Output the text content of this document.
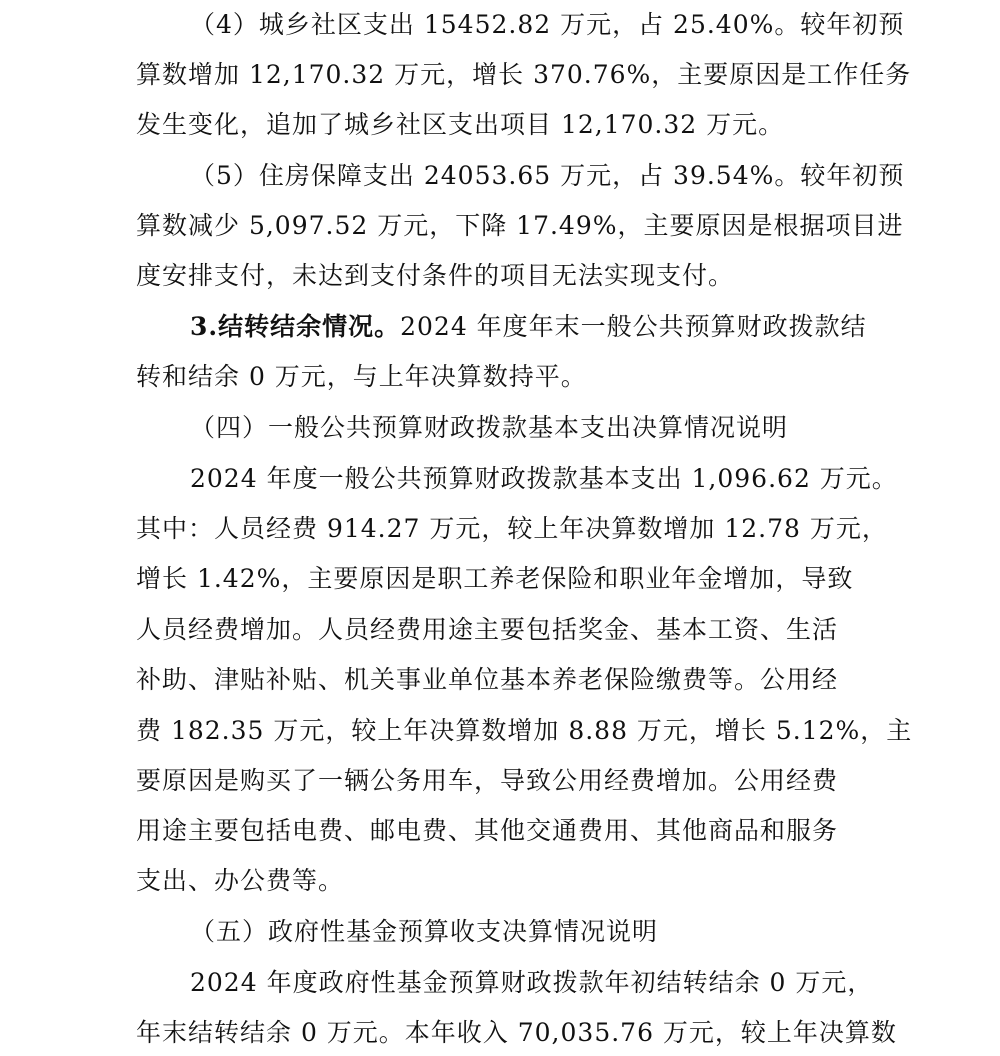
（4）城乡社区支出 15452.82 万元，占 25.40%。较年初预
算数增加 12,170.32 万元，增长 370.76%，主要原因是工作任务
发生变化，追加了城乡社区支出项目 12,170.32 万元。
（5）住房保障支出 24053.65 万元，占 39.54%。较年初预
算数减少 5,097.52 万元，下降 17.49%，主要原因是根据项目进
度安排支付，未达到支付条件的项目无法实现支付。
3.结转结余情况。2024 年度年末一般公共预算财政拨款结
转和结余 0 万元，与上年决算数持平。
（四）一般公共预算财政拨款基本支出决算情况说明
2024 年度一般公共预算财政拨款基本支出 1,096.62 万元。
其中：人员经费 914.27 万元，较上年决算数增加 12.78 万元，
增长 1.42%，主要原因是职工养老保险和职业年金增加，导致
人员经费增加。人员经费用途主要包括奖金、基本工资、生活
补助、津贴补贴、机关事业单位基本养老保险缴费等。公用经
费 182.35 万元，较上年决算数增加 8.88 万元，增长 5.12%，主
要原因是购买了一辆公务用车，导致公用经费增加。公用经费
用途主要包括电费、邮电费、其他交通费用、其他商品和服务
支出、办公费等。
（五）政府性基金预算收支决算情况说明
2024 年度政府性基金预算财政拨款年初结转结余 0 万元，
年末结转结余 0 万元。本年收入 70,035.76 万元，较上年决算数
